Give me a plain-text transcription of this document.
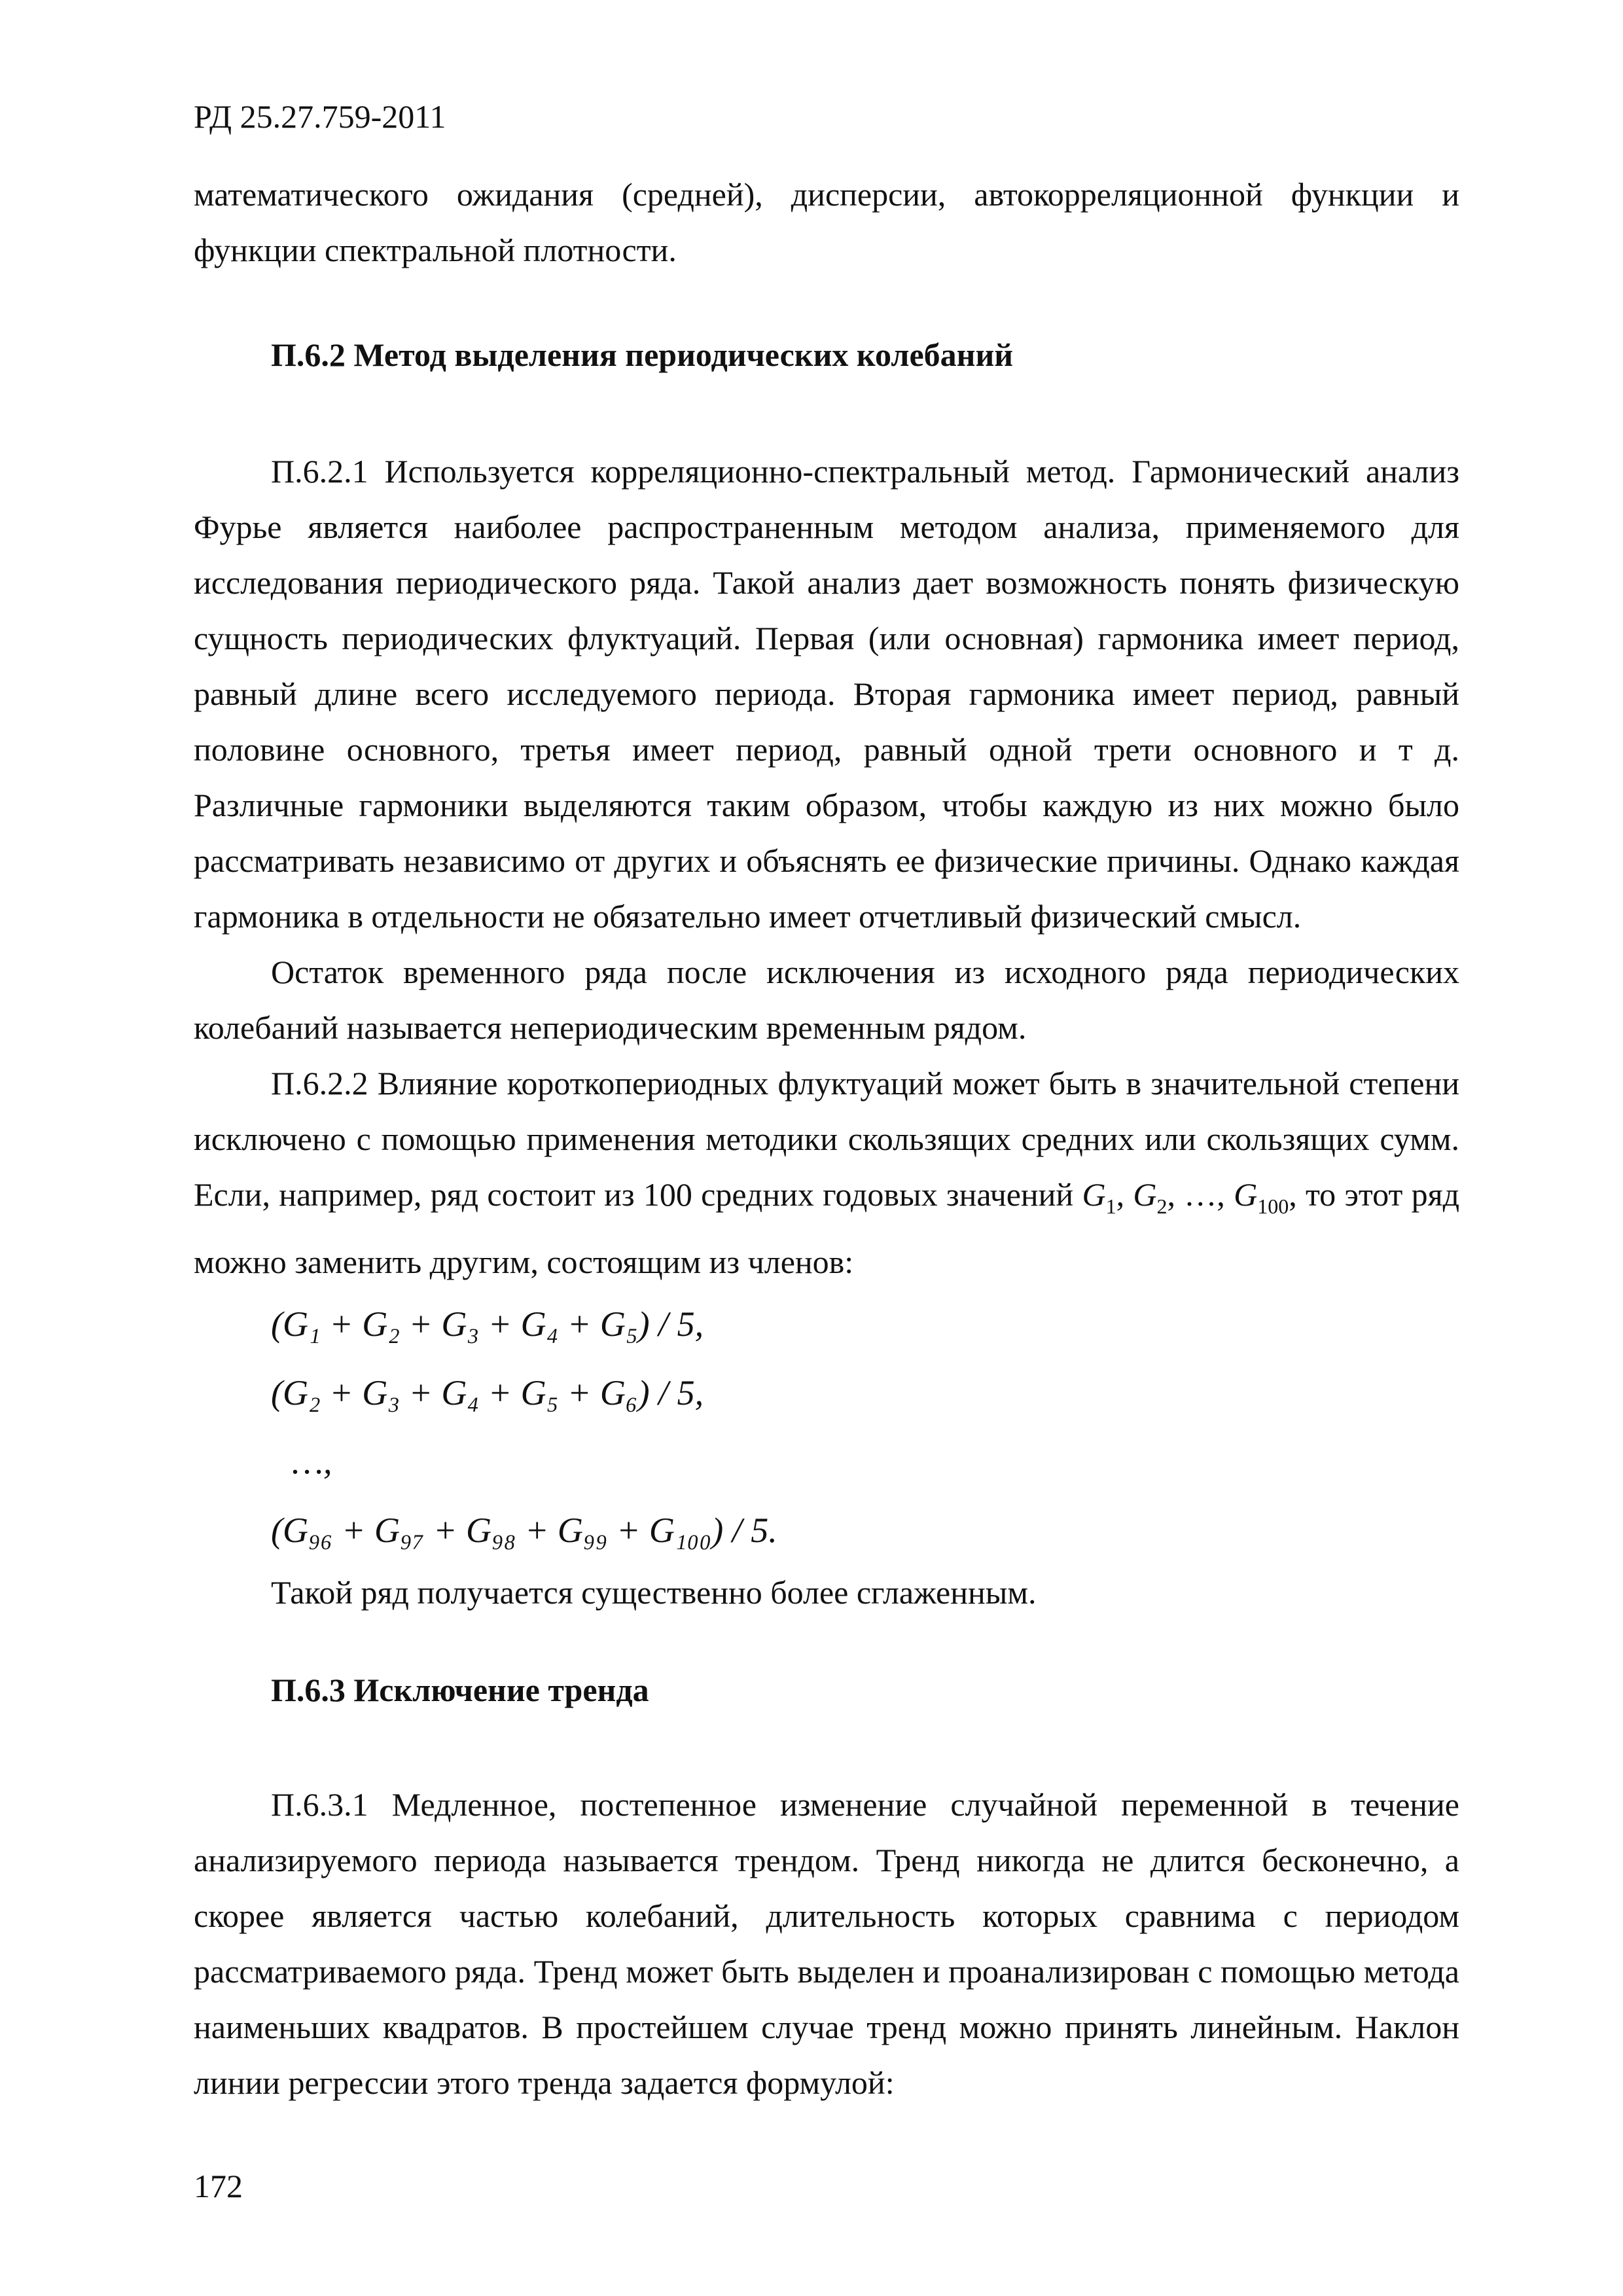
РД 25.27.759-2011

математического ожидания (средней), дисперсии, автокорреляционной функции и функции спектральной плотности.

П.6.2 Метод выделения периодических колебаний

П.6.2.1 Используется корреляционно-спектральный метод. Гармонический анализ Фурье является наиболее распространенным методом анализа, применяемого для исследования периодического ряда. Такой анализ дает возможность понять физическую сущность периодических флуктуаций. Первая (или основная) гармоника имеет период, равный длине всего исследуемого периода. Вторая гармоника имеет период, равный половине основного, третья имеет период, равный одной трети основного и т д. Различные гармоники выделяются таким образом, чтобы каждую из них можно было рассматривать независимо от других и объяснять ее физические причины. Однако каждая гармоника в отдельности не обязательно имеет отчетливый физический смысл.

Остаток временного ряда после исключения из исходного ряда периодических колебаний называется непериодическим временным рядом.

П.6.2.2 Влияние короткопериодных флуктуаций может быть в значительной степени исключено с помощью применения методики скользящих средних или скользящих сумм. Если, например, ряд состоит из 100 средних годовых значений $G_1$, $G_2$, …, $G_{100}$, то этот ряд можно заменить другим, состоящим из членов:

(G₁ + G₂ + G₃ + G₄ + G₅) / 5,
(G₂ + G₃ + G₄ + G₅ + G₆) / 5,
…,
(G₉₆ + G₉₇ + G₉₈ + G₉₉ + G₁₀₀) / 5.

Такой ряд получается существенно более сглаженным.

П.6.3 Исключение тренда

П.6.3.1 Медленное, постепенное изменение случайной переменной в течение анализируемого периода называется трендом. Тренд никогда не длится бесконечно, а скорее является частью колебаний, длительность которых сравнима с периодом рассматриваемого ряда. Тренд может быть выделен и проанализирован с помощью метода наименьших квадратов. В простейшем случае тренд можно принять линейным. Наклон линии регрессии этого тренда задается формулой:

172
